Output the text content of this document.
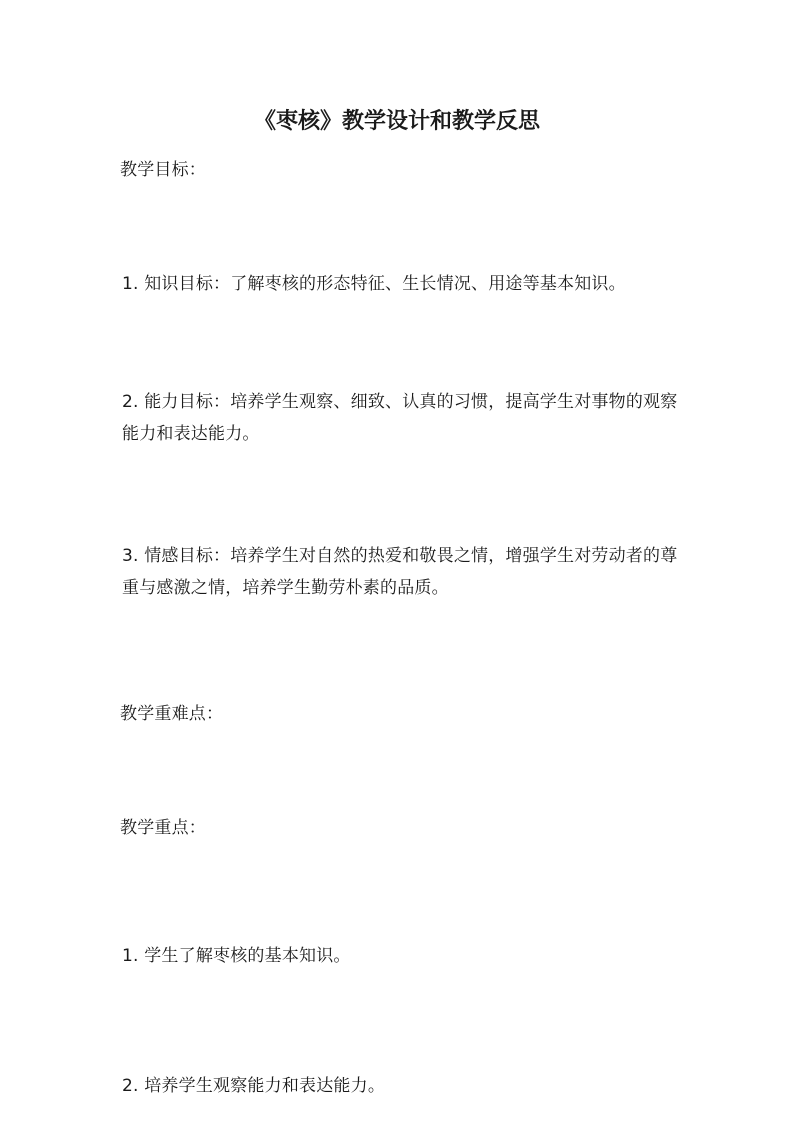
《枣核》教学设计和教学反思

教学目标：

1. 知识目标：了解枣核的形态特征、生长情况、用途等基本知识。

2. 能力目标：培养学生观察、细致、认真的习惯，提高学生对事物的观察能力和表达能力。

3. 情感目标：培养学生对自然的热爱和敬畏之情，增强学生对劳动者的尊重与感激之情，培养学生勤劳朴素的品质。

教学重难点：

教学重点：

1. 学生了解枣核的基本知识。

2. 培养学生观察能力和表达能力。
